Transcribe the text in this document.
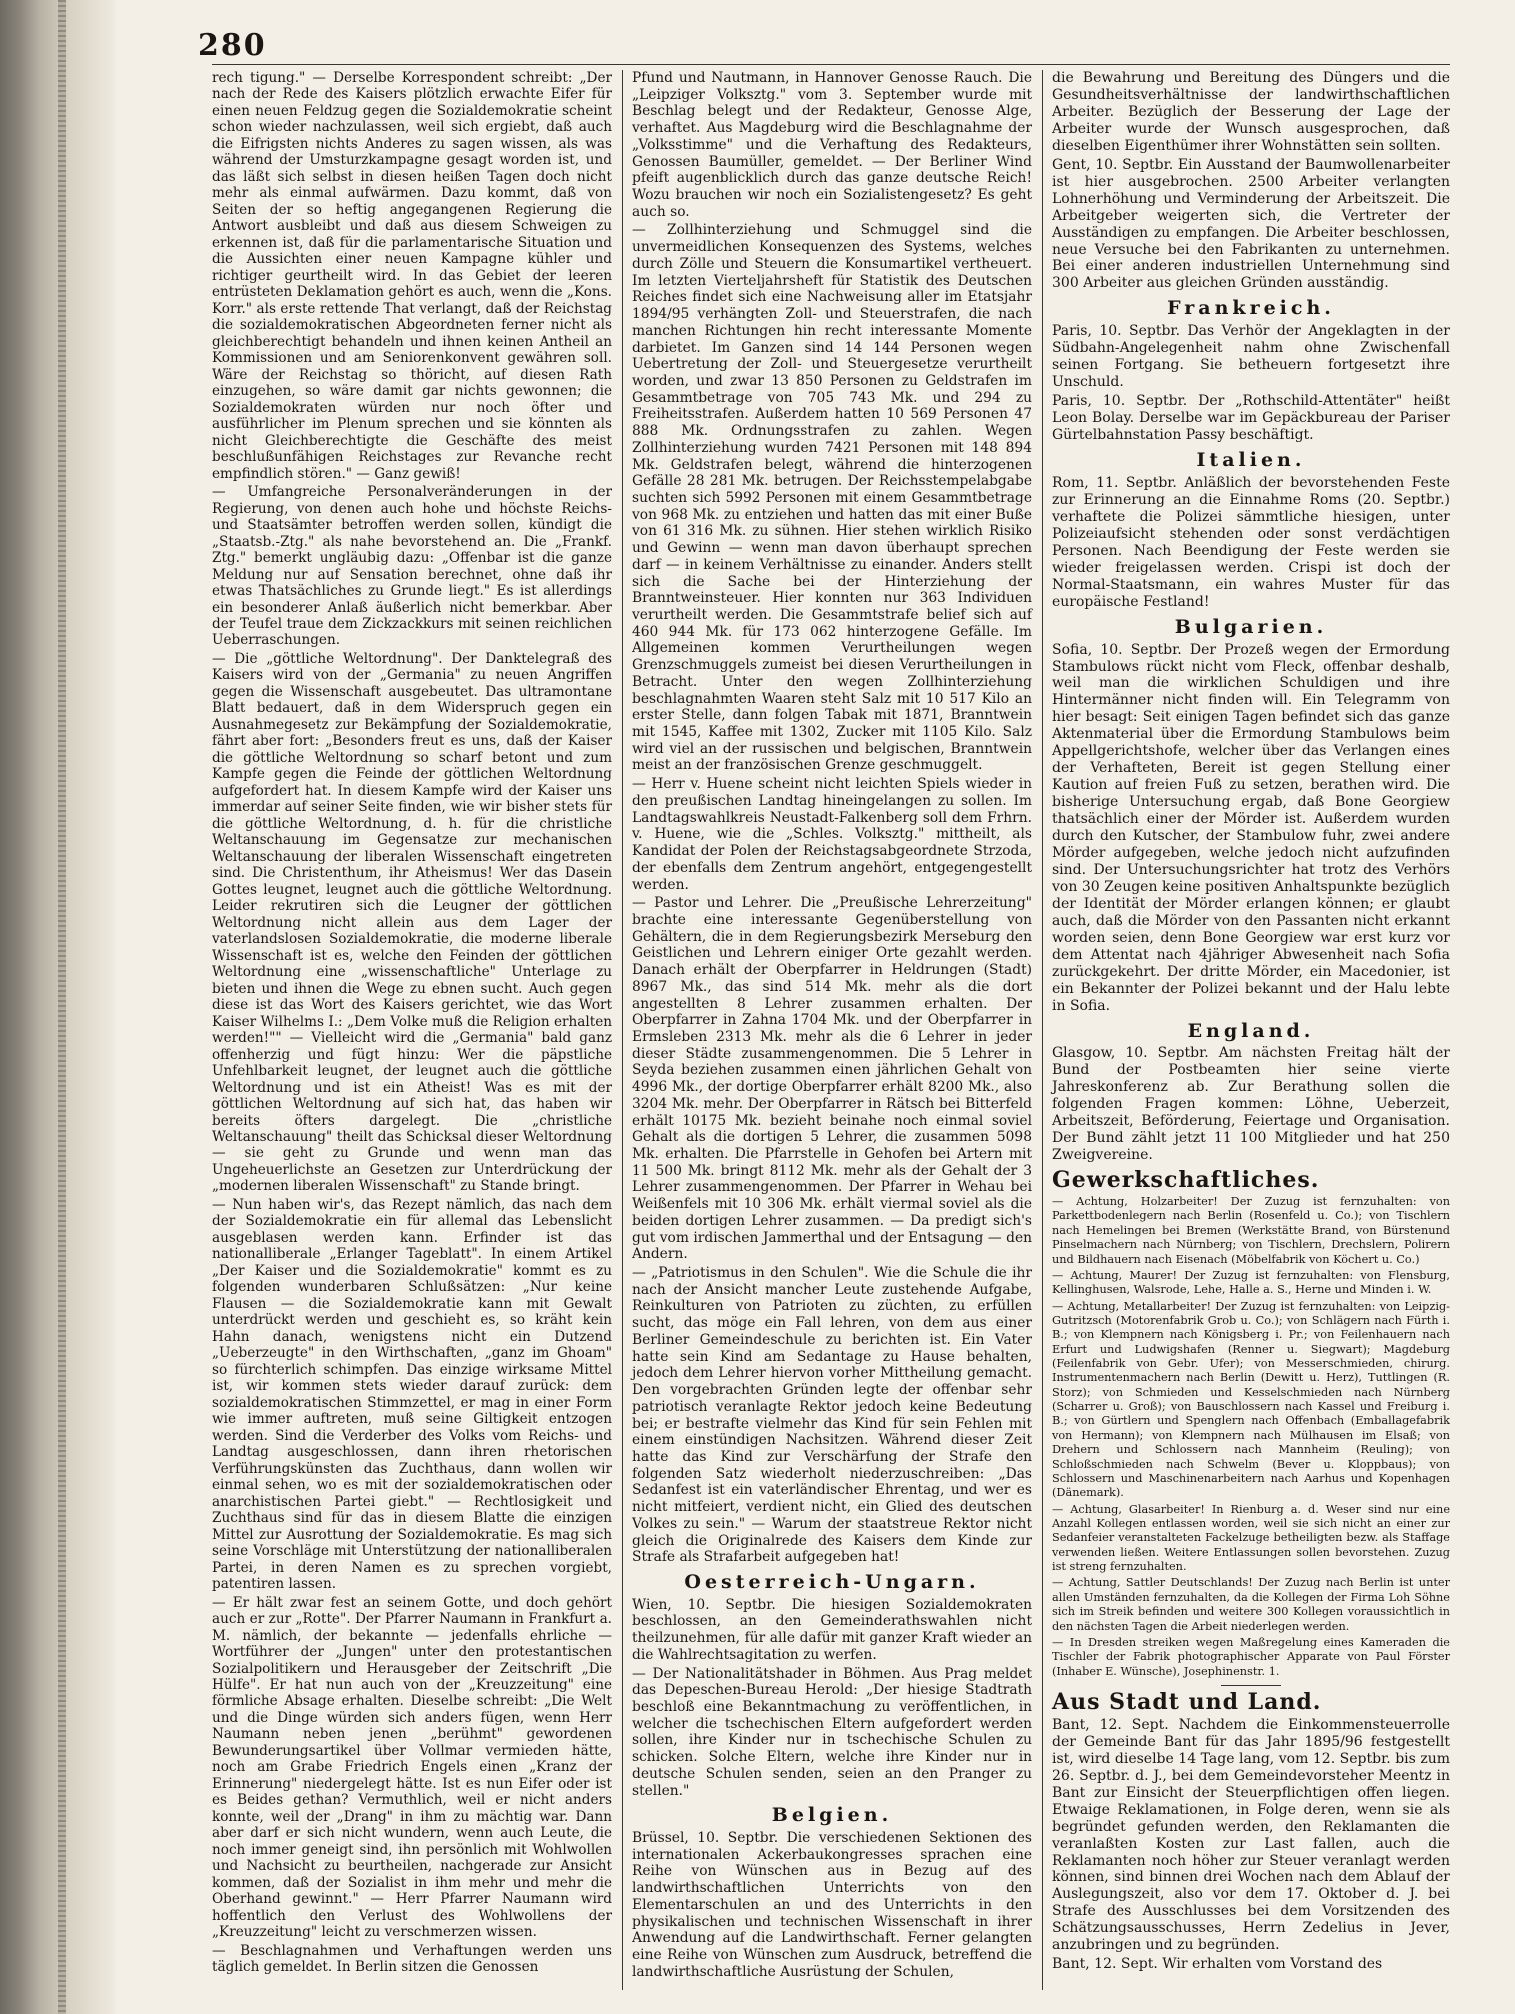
280

rech tigung." — Derselbe Korrespondent schreibt: „Der nach der Rede des Kaisers plötzlich erwachte Eifer für einen neuen Feldzug gegen die Sozialdemokratie scheint schon wieder nachzulassen, weil sich ergiebt, daß auch die Eifrigsten nichts Anderes zu sagen wissen, als was während der Umsturzkampagne gesagt worden ist, und das läßt sich selbst in diesen heißen Tagen doch nicht mehr als einmal aufwärmen. Dazu kommt, daß von Seiten der so heftig angegangenen Regierung die Antwort ausbleibt und daß aus diesem Schweigen zu erkennen ist, daß für die parlamentarische Situation und die Aussichten einer neuen Kampagne kühler und richtiger geurtheilt wird. In das Gebiet der leeren entrüsteten Deklamation gehört es auch, wenn die „Kons. Korr." als erste rettende That verlangt, daß der Reichstag die sozialdemokratischen Abgeordneten ferner nicht als gleichberechtigt behandeln und ihnen keinen Antheil an Kommissionen und am Seniorenkonvent gewähren soll. Wäre der Reichstag so thöricht, auf diesen Rath einzugehen, so wäre damit gar nichts gewonnen; die Sozialdemokraten würden nur noch öfter und ausführlicher im Plenum sprechen und sie könnten als nicht Gleichberechtigte die Geschäfte des meist beschlußunfähigen Reichstages zur Revanche recht empfindlich stören." — Ganz gewiß!

— Umfangreiche Personalveränderungen in der Regierung, von denen auch hohe und höchste Reichs- und Staatsämter betroffen werden sollen, kündigt die „Staatsb.-Ztg." als nahe bevorstehend an. Die „Frankf. Ztg." bemerkt ungläubig dazu: „Offenbar ist die ganze Meldung nur auf Sensation berechnet, ohne daß ihr etwas Thatsächliches zu Grunde liegt." Es ist allerdings ein besonderer Anlaß äußerlich nicht bemerkbar. Aber der Teufel traue dem Zickzackkurs mit seinen reichlichen Ueberraschungen.

— Die „göttliche Weltordnung". Der Danktelegraß des Kaisers wird von der „Germania" zu neuen Angriffen gegen die Wissenschaft ausgebeutet. Das ultramontane Blatt bedauert, daß in dem Widerspruch gegen ein Ausnahmegesetz zur Bekämpfung der Sozialdemokratie, fährt aber fort: „Besonders freut es uns, daß der Kaiser die göttliche Weltordnung so scharf betont und zum Kampfe gegen die Feinde der göttlichen Weltordnung aufgefordert hat. In diesem Kampfe wird der Kaiser uns immerdar auf seiner Seite finden, wie wir bisher stets für die göttliche Weltordnung, d. h. für die christliche Weltanschauung im Gegensatze zur mechanischen Weltanschauung der liberalen Wissenschaft eingetreten sind. Die Christenthum, ihr Atheismus! Wer das Dasein Gottes leugnet, leugnet auch die göttliche Weltordnung. Leider rekrutiren sich die Leugner der göttlichen Weltordnung nicht allein aus dem Lager der vaterlandslosen Sozialdemokratie, die moderne liberale Wissenschaft ist es, welche den Feinden der göttlichen Weltordnung eine „wissenschaftliche" Unterlage zu bieten und ihnen die Wege zu ebnen sucht. Auch gegen diese ist das Wort des Kaisers gerichtet, wie das Wort Kaiser Wilhelms I.: „Dem Volke muß die Religion erhalten werden!"" — Vielleicht wird die „Germania" bald ganz offenherzig und fügt hinzu: Wer die päpstliche Unfehlbarkeit leugnet, der leugnet auch die göttliche Weltordnung und ist ein Atheist! Was es mit der göttlichen Weltordnung auf sich hat, das haben wir bereits öfters dargelegt. Die „christliche Weltanschauung" theilt das Schicksal dieser Weltordnung — sie geht zu Grunde und wenn man das Ungeheuerlichste an Gesetzen zur Unterdrückung der „modernen liberalen Wissenschaft" zu Stande bringt.

— Nun haben wir's, das Rezept nämlich, das nach dem der Sozialdemokratie ein für allemal das Lebenslicht ausgeblasen werden kann. Erfinder ist das nationalliberale „Erlanger Tageblatt". In einem Artikel „Der Kaiser und die Sozialdemokratie" kommt es zu folgenden wunderbaren Schlußsätzen: „Nur keine Flausen — die Sozialdemokratie kann mit Gewalt unterdrückt werden und geschieht es, so kräht kein Hahn danach, wenigstens nicht ein Dutzend „Ueberzeugte" in den Wirthschaften, „ganz im Ghoam" so fürchterlich schimpfen. Das einzige wirksame Mittel ist, wir kommen stets wieder darauf zurück: dem sozialdemokratischen Stimmzettel, er mag in einer Form wie immer auftreten, muß seine Giltigkeit entzogen werden. Sind die Verderber des Volks vom Reichs- und Landtag ausgeschlossen, dann ihren rhetorischen Verführungskünsten das Zuchthaus, dann wollen wir einmal sehen, wo es mit der sozialdemokratischen oder anarchistischen Partei giebt." — Rechtlosigkeit und Zuchthaus sind für das in diesem Blatte die einzigen Mittel zur Ausrottung der Sozialdemokratie. Es mag sich seine Vorschläge mit Unterstützung der nationalliberalen Partei, in deren Namen es zu sprechen vorgiebt, patentiren lassen.

— Er hält zwar fest an seinem Gotte, und doch gehört auch er zur „Rotte". Der Pfarrer Naumann in Frankfurt a. M. nämlich, der bekannte — jedenfalls ehrliche — Wortführer der „Jungen" unter den protestantischen Sozialpolitikern und Herausgeber der Zeitschrift „Die Hülfe". Er hat nun auch von der „Kreuzzeitung" eine förmliche Absage erhalten. Dieselbe schreibt: „Die Welt und die Dinge würden sich anders fügen, wenn Herr Naumann neben jenen „berühmt" gewordenen Bewunderungsartikel über Vollmar vermieden hätte, noch am Grabe Friedrich Engels einen „Kranz der Erinnerung" niedergelegt hätte. Ist es nun Eifer oder ist es Beides gethan? Vermuthlich, weil er nicht anders konnte, weil der „Drang" in ihm zu mächtig war. Dann aber darf er sich nicht wundern, wenn auch Leute, die noch immer geneigt sind, ihn persönlich mit Wohlwollen und Nachsicht zu beurtheilen, nachgerade zur Ansicht kommen, daß der Sozialist in ihm mehr und mehr die Oberhand gewinnt." — Herr Pfarrer Naumann wird hoffentlich den Verlust des Wohlwollens der „Kreuzzeitung" leicht zu verschmerzen wissen.

— Beschlagnahmen und Verhaftungen werden uns täglich gemeldet. In Berlin sitzen die Genossen

Pfund und Nautmann, in Hannover Genosse Rauch. Die „Leipziger Volksztg." vom 3. September wurde mit Beschlag belegt und der Redakteur, Genosse Alge, verhaftet. Aus Magdeburg wird die Beschlagnahme der „Volksstimme" und die Verhaftung des Redakteurs, Genossen Baumüller, gemeldet. — Der Berliner Wind pfeift augenblicklich durch das ganze deutsche Reich! Wozu brauchen wir noch ein Sozialistengesetz? Es geht auch so.

— Zollhinterziehung und Schmuggel sind die unvermeidlichen Konsequenzen des Systems, welches durch Zölle und Steuern die Konsumartikel vertheuert. Im letzten Vierteljahrsheft für Statistik des Deutschen Reiches findet sich eine Nachweisung aller im Etatsjahr 1894/95 verhängten Zoll- und Steuerstrafen, die nach manchen Richtungen hin recht interessante Momente darbietet. Im Ganzen sind 14 144 Personen wegen Uebertretung der Zoll- und Steuergesetze verurtheilt worden, und zwar 13 850 Personen zu Geldstrafen im Gesammtbetrage von 705 743 Mk. und 294 zu Freiheitsstrafen. Außerdem hatten 10 569 Personen 47 888 Mk. Ordnungsstrafen zu zahlen. Wegen Zollhinterziehung wurden 7421 Personen mit 148 894 Mk. Geldstrafen belegt, während die hinterzogenen Gefälle 28 281 Mk. betrugen. Der Reichsstempelabgabe suchten sich 5992 Personen mit einem Gesammtbetrage von 968 Mk. zu entziehen und hatten das mit einer Buße von 61 316 Mk. zu sühnen. Hier stehen wirklich Risiko und Gewinn — wenn man davon überhaupt sprechen darf — in keinem Verhältnisse zu einander. Anders stellt sich die Sache bei der Hinterziehung der Branntweinsteuer. Hier konnten nur 363 Individuen verurtheilt werden. Die Gesammtstrafe belief sich auf 460 944 Mk. für 173 062 hinterzogene Gefälle. Im Allgemeinen kommen Verurtheilungen wegen Grenzschmuggels zumeist bei diesen Verurtheilungen in Betracht. Unter den wegen Zollhinterziehung beschlagnahmten Waaren steht Salz mit 10 517 Kilo an erster Stelle, dann folgen Tabak mit 1871, Branntwein mit 1545, Kaffee mit 1302, Zucker mit 1105 Kilo. Salz wird viel an der russischen und belgischen, Branntwein meist an der französischen Grenze geschmuggelt.

— Herr v. Huene scheint nicht leichten Spiels wieder in den preußischen Landtag hineingelangen zu sollen. Im Landtagswahlkreis Neustadt-Falkenberg soll dem Frhrn. v. Huene, wie die „Schles. Volksztg." mittheilt, als Kandidat der Polen der Reichstagsabgeordnete Strzoda, der ebenfalls dem Zentrum angehört, entgegengestellt werden.

— Pastor und Lehrer. Die „Preußische Lehrerzeitung" brachte eine interessante Gegenüberstellung von Gehältern, die in dem Regierungsbezirk Merseburg den Geistlichen und Lehrern einiger Orte gezahlt werden. Danach erhält der Oberpfarrer in Heldrungen (Stadt) 8967 Mk., das sind 514 Mk. mehr als die dort angestellten 8 Lehrer zusammen erhalten. Der Oberpfarrer in Zahna 1704 Mk. und der Oberpfarrer in Ermsleben 2313 Mk. mehr als die 6 Lehrer in jeder dieser Städte zusammengenommen. Die 5 Lehrer in Seyda beziehen zusammen einen jährlichen Gehalt von 4996 Mk., der dortige Oberpfarrer erhält 8200 Mk., also 3204 Mk. mehr. Der Oberpfarrer in Rätsch bei Bitterfeld erhält 10175 Mk. bezieht beinahe noch einmal soviel Gehalt als die dortigen 5 Lehrer, die zusammen 5098 Mk. erhalten. Die Pfarrstelle in Gehofen bei Artern mit 11 500 Mk. bringt 8112 Mk. mehr als der Gehalt der 3 Lehrer zusammengenommen. Der Pfarrer in Wehau bei Weißenfels mit 10 306 Mk. erhält viermal soviel als die beiden dortigen Lehrer zusammen. — Da predigt sich's gut vom irdischen Jammerthal und der Entsagung — den Andern.

— „Patriotismus in den Schulen". Wie die Schule die ihr nach der Ansicht mancher Leute zustehende Aufgabe, Reinkulturen von Patrioten zu züchten, zu erfüllen sucht, das möge ein Fall lehren, von dem aus einer Berliner Gemeindeschule zu berichten ist. Ein Vater hatte sein Kind am Sedantage zu Hause behalten, jedoch dem Lehrer hiervon vorher Mittheilung gemacht. Den vorgebrachten Gründen legte der offenbar sehr patriotisch veranlagte Rektor jedoch keine Bedeutung bei; er bestrafte vielmehr das Kind für sein Fehlen mit einem einstündigen Nachsitzen. Während dieser Zeit hatte das Kind zur Verschärfung der Strafe den folgenden Satz wiederholt niederzuschreiben: „Das Sedanfest ist ein vaterländischer Ehrentag, und wer es nicht mitfeiert, verdient nicht, ein Glied des deutschen Volkes zu sein." — Warum der staatstreue Rektor nicht gleich die Originalrede des Kaisers dem Kinde zur Strafe als Strafarbeit aufgegeben hat!

Oesterreich-Ungarn.

Wien, 10. Septbr. Die hiesigen Sozialdemokraten beschlossen, an den Gemeinderathswahlen nicht theilzunehmen, für alle dafür mit ganzer Kraft wieder an die Wahlrechtsagitation zu werfen.

— Der Nationalitätshader in Böhmen. Aus Prag meldet das Depeschen-Bureau Herold: „Der hiesige Stadtrath beschloß eine Bekanntmachung zu veröffentlichen, in welcher die tschechischen Eltern aufgefordert werden sollen, ihre Kinder nur in tschechische Schulen zu schicken. Solche Eltern, welche ihre Kinder nur in deutsche Schulen senden, seien an den Pranger zu stellen."

Belgien.

Brüssel, 10. Septbr. Die verschiedenen Sektionen des internationalen Ackerbaukongresses sprachen eine Reihe von Wünschen aus in Bezug auf des landwirthschaftlichen Unterrichts von den Elementarschulen an und des Unterrichts in den physikalischen und technischen Wissenschaft in ihrer Anwendung auf die Landwirthschaft. Ferner gelangten eine Reihe von Wünschen zum Ausdruck, betreffend die landwirthschaftliche Ausrüstung der Schulen,

die Bewahrung und Bereitung des Düngers und die Gesundheitsverhältnisse der landwirthschaftlichen Arbeiter. Bezüglich der Besserung der Lage der Arbeiter wurde der Wunsch ausgesprochen, daß dieselben Eigenthümer ihrer Wohnstätten sein sollten.

Gent, 10. Septbr. Ein Ausstand der Baumwollenarbeiter ist hier ausgebrochen. 2500 Arbeiter verlangten Lohnerhöhung und Verminderung der Arbeitszeit. Die Arbeitgeber weigerten sich, die Vertreter der Ausständigen zu empfangen. Die Arbeiter beschlossen, neue Versuche bei den Fabrikanten zu unternehmen. Bei einer anderen industriellen Unternehmung sind 300 Arbeiter aus gleichen Gründen ausständig.

Frankreich.

Paris, 10. Septbr. Das Verhör der Angeklagten in der Südbahn-Angelegenheit nahm ohne Zwischenfall seinen Fortgang. Sie betheuern fortgesetzt ihre Unschuld.

Paris, 10. Septbr. Der „Rothschild-Attentäter" heißt Leon Bolay. Derselbe war im Gepäckbureau der Pariser Gürtelbahnstation Passy beschäftigt.

Italien.

Rom, 11. Septbr. Anläßlich der bevorstehenden Feste zur Erinnerung an die Einnahme Roms (20. Septbr.) verhaftete die Polizei sämmtliche hiesigen, unter Polizeiaufsicht stehenden oder sonst verdächtigen Personen. Nach Beendigung der Feste werden sie wieder freigelassen werden. Crispi ist doch der Normal-Staatsmann, ein wahres Muster für das europäische Festland!

Bulgarien.

Sofia, 10. Septbr. Der Prozeß wegen der Ermordung Stambulows rückt nicht vom Fleck, offenbar deshalb, weil man die wirklichen Schuldigen und ihre Hintermänner nicht finden will. Ein Telegramm von hier besagt: Seit einigen Tagen befindet sich das ganze Aktenmaterial über die Ermordung Stambulows beim Appellgerichtshofe, welcher über das Verlangen eines der Verhafteten, Bereit ist gegen Stellung einer Kaution auf freien Fuß zu setzen, berathen wird. Die bisherige Untersuchung ergab, daß Bone Georgiew thatsächlich einer der Mörder ist. Außerdem wurden durch den Kutscher, der Stambulow fuhr, zwei andere Mörder aufgegeben, welche jedoch nicht aufzufinden sind. Der Untersuchungsrichter hat trotz des Verhörs von 30 Zeugen keine positiven Anhaltspunkte bezüglich der Identität der Mörder erlangen können; er glaubt auch, daß die Mörder von den Passanten nicht erkannt worden seien, denn Bone Georgiew war erst kurz vor dem Attentat nach 4jähriger Abwesenheit nach Sofia zurückgekehrt. Der dritte Mörder, ein Macedonier, ist ein Bekannter der Polizei bekannt und der Halu lebte in Sofia.

England.

Glasgow, 10. Septbr. Am nächsten Freitag hält der Bund der Postbeamten hier seine vierte Jahreskonferenz ab. Zur Berathung sollen die folgenden Fragen kommen: Löhne, Ueberzeit, Arbeitszeit, Beförderung, Feiertage und Organisation. Der Bund zählt jetzt 11 100 Mitglieder und hat 250 Zweigvereine.

Gewerkschaftliches.

— Achtung, Holzarbeiter! Der Zuzug ist fernzuhalten: von Parkettbodenlegern nach Berlin (Rosenfeld u. Co.); von Tischlern nach Hemelingen bei Bremen (Werkstätte Brand, von Bürstenund Pinselmachern nach Nürnberg; von Tischlern, Drechslern, Polirern und Bildhauern nach Eisenach (Möbelfabrik von Köchert u. Co.)

— Achtung, Maurer! Der Zuzug ist fernzuhalten: von Flensburg, Kellinghusen, Walsrode, Lehe, Halle a. S., Herne und Minden i. W.

— Achtung, Metallarbeiter! Der Zuzug ist fernzuhalten: von Leipzig-Gutritzsch (Motorenfabrik Grob u. Co.); von Schlägern nach Fürth i. B.; von Klempnern nach Königsberg i. Pr.; von Feilenhauern nach Erfurt und Ludwigshafen (Renner u. Siegwart); Magdeburg (Feilenfabrik von Gebr. Ufer); von Messerschmieden, chirurg. Instrumentenmachern nach Berlin (Dewitt u. Herz), Tuttlingen (R. Storz); von Schmieden und Kesselschmieden nach Nürnberg (Scharrer u. Groß); von Bauschlossern nach Kassel und Freiburg i. B.; von Gürtlern und Spenglern nach Offenbach (Emballagefabrik von Hermann); von Klempnern nach Mülhausen im Elsaß; von Drehern und Schlossern nach Mannheim (Reuling); von Schloßschmieden nach Schwelm (Bever u. Kloppbaus); von Schlossern und Maschinenarbeitern nach Aarhus und Kopenhagen (Dänemark).

— Achtung, Glasarbeiter! In Rienburg a. d. Weser sind nur eine Anzahl Kollegen entlassen worden, weil sie sich nicht an einer zur Sedanfeier veranstalteten Fackelzuge betheiligten bezw. als Staffage verwenden ließen. Weitere Entlassungen sollen bevorstehen. Zuzug ist streng fernzuhalten.

— Achtung, Sattler Deutschlands! Der Zuzug nach Berlin ist unter allen Umständen fernzuhalten, da die Kollegen der Firma Loh Söhne sich im Streik befinden und weitere 300 Kollegen voraussichtlich in den nächsten Tagen die Arbeit niederlegen werden.

— In Dresden streiken wegen Maßregelung eines Kameraden die Tischler der Fabrik photographischer Apparate von Paul Förster (Inhaber E. Wünsche), Josephinenstr. 1.

Aus Stadt und Land.

Bant, 12. Sept. Nachdem die Einkommensteuerrolle der Gemeinde Bant für das Jahr 1895/96 festgestellt ist, wird dieselbe 14 Tage lang, vom 12. Septbr. bis zum 26. Septbr. d. J., bei dem Gemeindevorsteher Meentz in Bant zur Einsicht der Steuerpflichtigen offen liegen. Etwaige Reklamationen, in Folge deren, wenn sie als begründet gefunden werden, den Reklamanten die veranlaßten Kosten zur Last fallen, auch die Reklamanten noch höher zur Steuer veranlagt werden können, sind binnen drei Wochen nach dem Ablauf der Auslegungszeit, also vor dem 17. Oktober d. J. bei Strafe des Ausschlusses bei dem Vorsitzenden des Schätzungsausschusses, Herrn Zedelius in Jever, anzubringen und zu begründen.

Bant, 12. Sept. Wir erhalten vom Vorstand des
